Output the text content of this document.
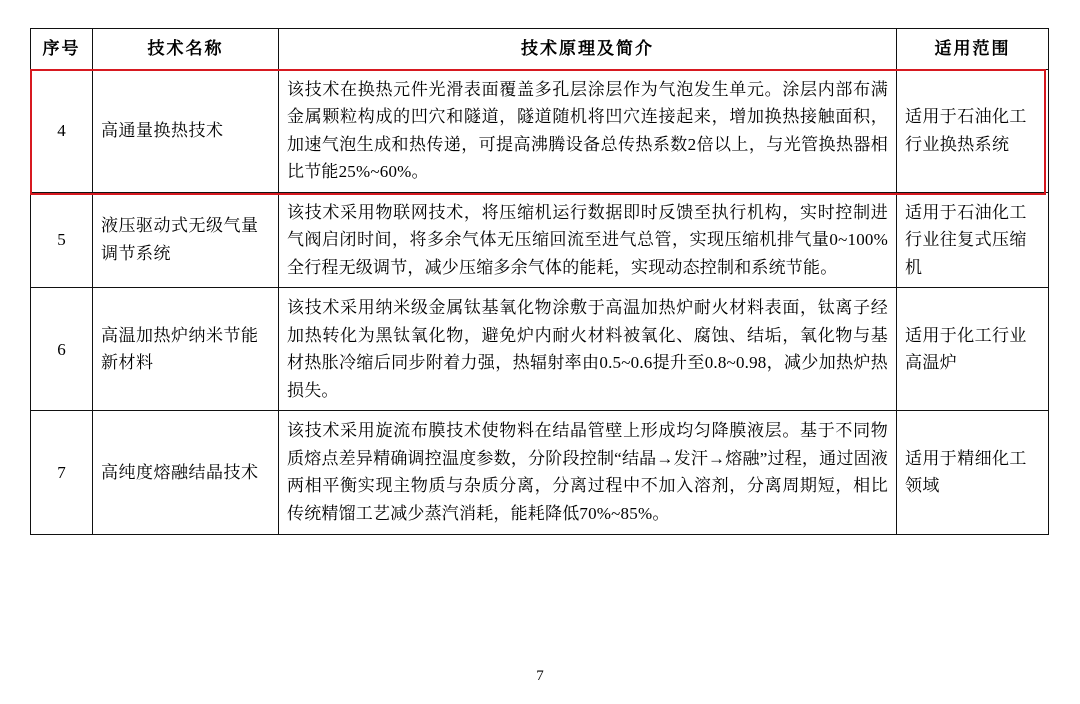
序号	技术名称	技术原理及简介	适用范围
4	高通量换热技术	该技术在换热元件光滑表面覆盖多孔层涂层作为气泡发生单元。涂层内部布满金属颗粒构成的凹穴和隧道，隧道随机将凹穴连接起来，增加换热接触面积，加速气泡生成和热传递，可提高沸腾设备总传热系数2倍以上，与光管换热器相比节能25%~60%。	适用于石油化工行业换热系统
5	液压驱动式无级气量调节系统	该技术采用物联网技术，将压缩机运行数据即时反馈至执行机构，实时控制进气阀启闭时间，将多余气体无压缩回流至进气总管，实现压缩机排气量0~100%全行程无级调节，减少压缩多余气体的能耗，实现动态控制和系统节能。	适用于石油化工行业往复式压缩机
6	高温加热炉纳米节能新材料	该技术采用纳米级金属钛基氧化物涂敷于高温加热炉耐火材料表面，钛离子经加热转化为黑钛氧化物，避免炉内耐火材料被氧化、腐蚀、结垢，氧化物与基材热胀冷缩后同步附着力强，热辐射率由0.5~0.6提升至0.8~0.98，减少加热炉热损失。	适用于化工行业高温炉
7	高纯度熔融结晶技术	该技术采用旋流布膜技术使物料在结晶管壁上形成均匀降膜液层。基于不同物质熔点差异精确调控温度参数，分阶段控制“结晶→发汗→熔融”过程，通过固液两相平衡实现主物质与杂质分离，分离过程中不加入溶剂，分离周期短，相比传统精馏工艺减少蒸汽消耗，能耗降低70%~85%。	适用于精细化工领域
7
